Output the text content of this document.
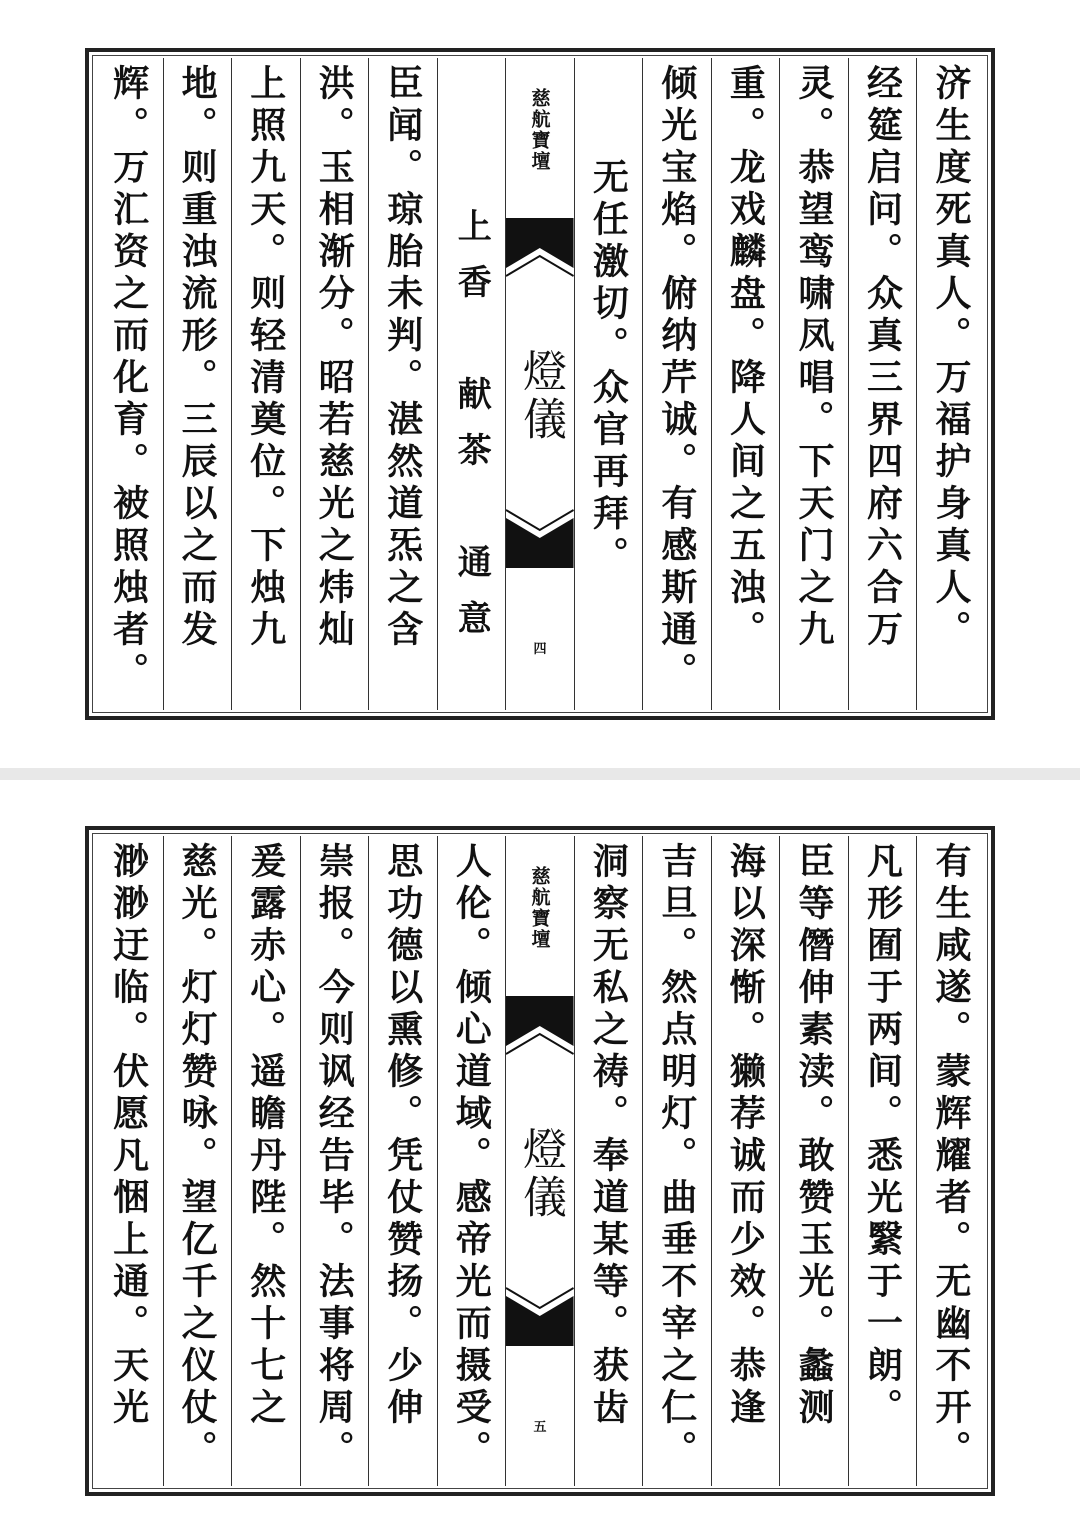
济生度死真人。万福护身真人。
经筵启问。众真三界四府六合万
灵。恭望鸾啸凤唱。下天门之九
重。龙戏麟盘。降人间之五浊。
倾光宝焰。俯纳芹诚。有感斯通。
无任激切。众官再拜。
慈航寶壇
燈儀
四
上香　献茶　通意
臣闻。琼胎未判。湛然道炁之含
洪。玉相渐分。昭若慈光之炜灿
上照九天。则轻清奠位。下烛九
地。则重浊流形。三辰以之而发
辉。万汇资之而化育。被照烛者。
有生咸遂。蒙辉耀者。无幽不开。
凡形囿于两间。悉光繄于一朗。
臣等僭伸素渎。敢赞玉光。蠡测
海以深惭。獭荐诚而少效。恭逢
吉旦。然点明灯。曲垂不宰之仁。
洞察无私之祷。奉道某等。获齿
慈航寶壇
燈儀
五
人伦。倾心道域。感帝光而摄受。
思功德以熏修。凭仗赞扬。少伸
崇报。今则讽经告毕。法事将周。
爰露赤心。遥瞻丹陛。然十七之
慈光。灯灯赞咏。望亿千之仪仗。
渺渺迂临。伏愿凡悃上通。天光
